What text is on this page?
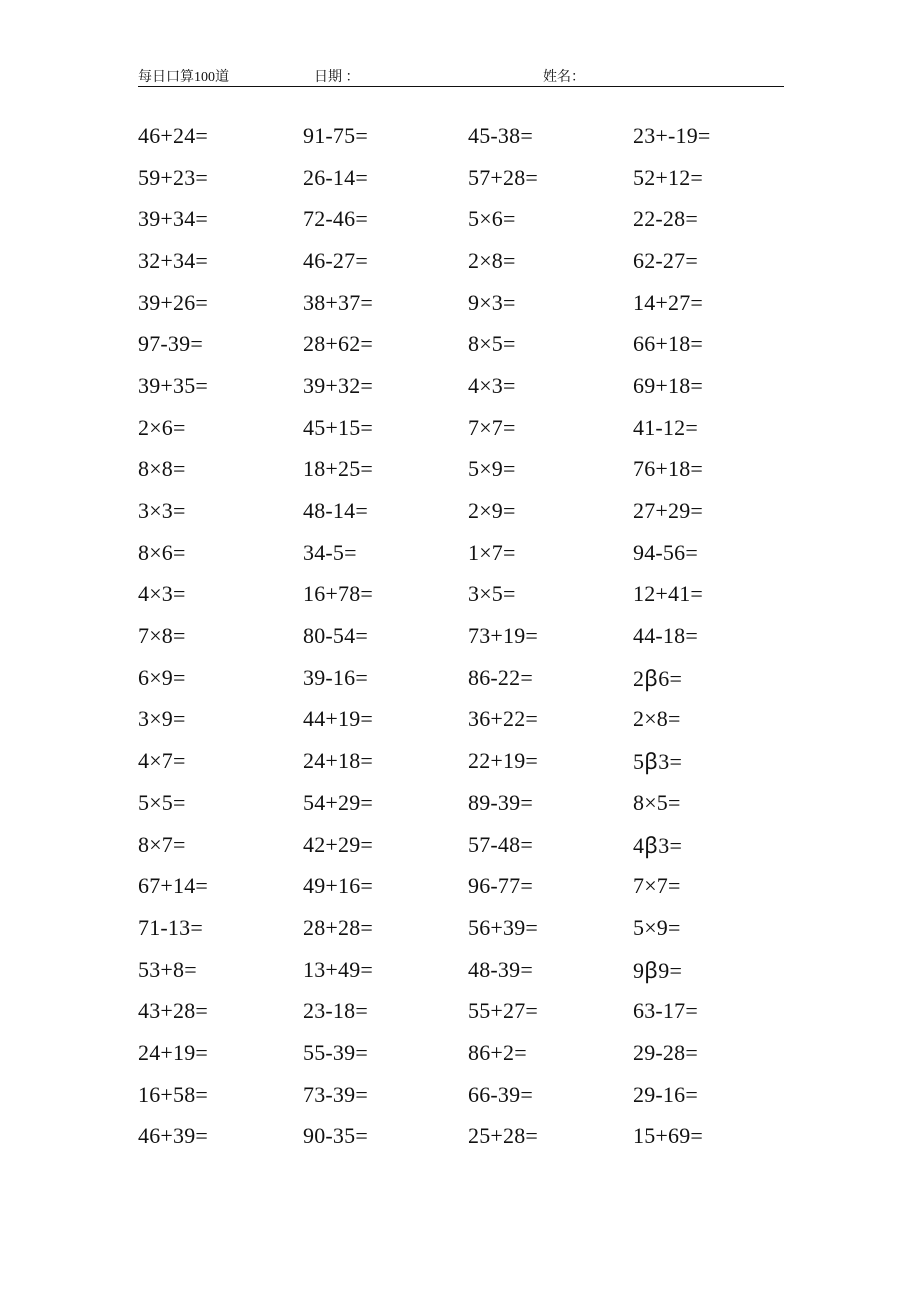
每日口算100道	日期 ：	姓名：
46+24=	91-75=	45-38=	23+-19=
59+23=	26-14=	57+28=	52+12=
39+34=	72-46=	5×6=	22-28=
32+34=	46-27=	2×8=	62-27=
39+26=	38+37=	9×3=	14+27=
97-39=	28+62=	8×5=	66+18=
39+35=	39+32=	4×3=	69+18=
2×6=	45+15=	7×7=	41-12=
8×8=	18+25=	5×9=	76+18=
3×3=	48-14=	2×9=	27+29=
8×6=	34-5=	1×7=	94-56=
4×3=	16+78=	3×5=	12+41=
7×8=	80-54=	73+19=	44-18=
6×9=	39-16=	86-22=	2ꞵ6=
3×9=	44+19=	36+22=	2×8=
4×7=	24+18=	22+19=	5ꞵ3=
5×5=	54+29=	89-39=	8×5=
8×7=	42+29=	57-48=	4ꞵ3=
67+14=	49+16=	96-77=	7×7=
71-13=	28+28=	56+39=	5×9=
53+8=	13+49=	48-39=	9ꞵ9=
43+28=	23-18=	55+27=	63-17=
24+19=	55-39=	86+2=	29-28=
16+58=	73-39=	66-39=	29-16=
46+39=	90-35=	25+28=	15+69=
